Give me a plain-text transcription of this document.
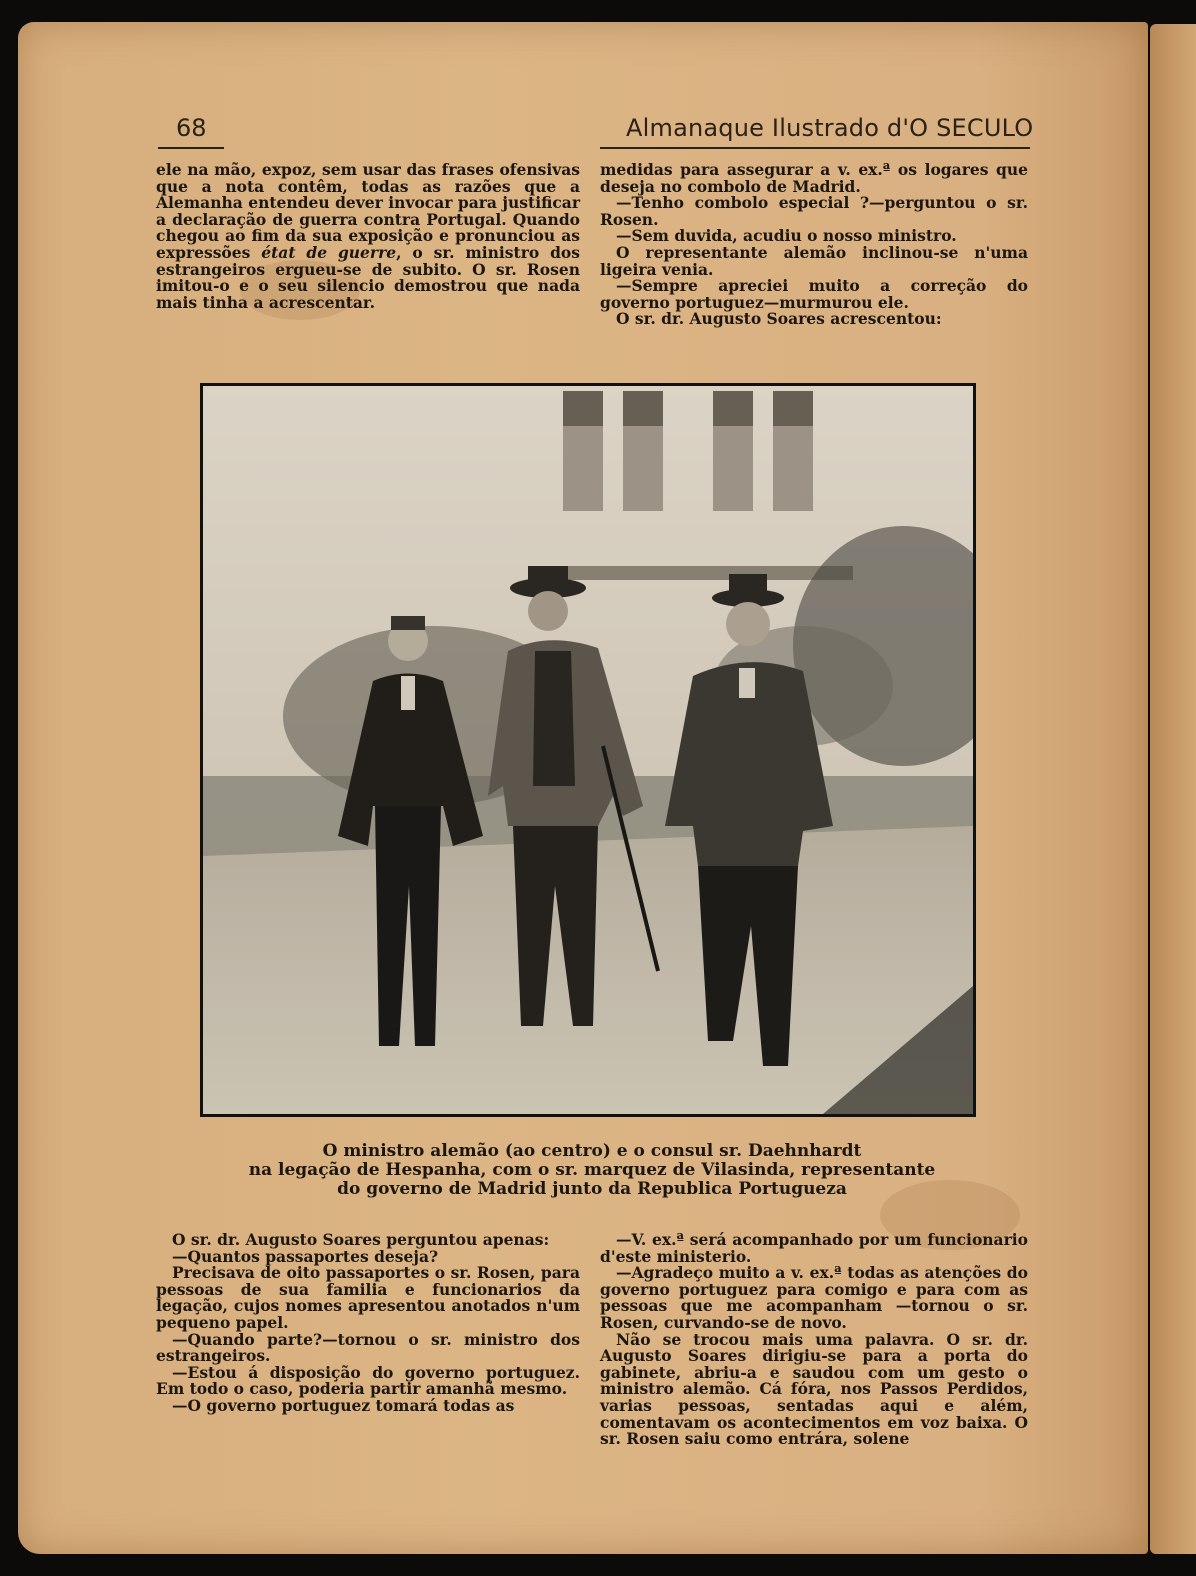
68	Almanaque Ilustrado d'O SECULO

ele na mão, expoz, sem usar das frases ofensivas que a nota contêm, todas as razões que a Alemanha entendeu dever invocar para justificar a declaração de guerra contra Portugal. Quando chegou ao fim da sua exposição e pronunciou as expressões état de guerre, o sr. ministro dos estrangeiros ergueu-se de subito. O sr. Rosen imitou-o e o seu silencio demostrou que nada mais tinha a acrescentar.

medidas para assegurar a v. ex.ª os logares que deseja no combolo de Madrid.

—Tenho combolo especial ?—perguntou o sr. Rosen.

—Sem duvida, acudiu o nosso ministro.

O representante alemão inclinou-se n'uma ligeira venia.

—Sempre apreciei muito a correção do governo portuguez—murmurou ele.

O sr. dr. Augusto Soares acrescentou:

O ministro alemão (ao centro) e o consul sr. Daehnhardt
na legação de Hespanha, com o sr. marquez de Vilasinda, representante
do governo de Madrid junto da Republica Portugueza

O sr. dr. Augusto Soares perguntou apenas:

—Quantos passaportes deseja?

Precisava de oito passaportes o sr. Rosen, para pessoas de sua familia e funcionarios da legação, cujos nomes apresentou anotados n'um pequeno papel.

—Quando parte?—tornou o sr. ministro dos estrangeiros.

—Estou á disposição do governo portuguez. Em todo o caso, poderia partir amanhã mesmo.

—O governo portuguez tomará todas as

—V. ex.ª será acompanhado por um funcionario d'este ministerio.

—Agradeço muito a v. ex.ª todas as atenções do governo portuguez para comigo e para com as pessoas que me acompanham —tornou o sr. Rosen, curvando-se de novo.

Não se trocou mais uma palavra. O sr. dr. Augusto Soares dirigiu-se para a porta do gabinete, abriu-a e saudou com um gesto o ministro alemão. Cá fóra, nos Passos Perdidos, varias pessoas, sentadas aqui e além, comentavam os acontecimentos em voz baixa. O sr. Rosen saiu como entrára, solene
